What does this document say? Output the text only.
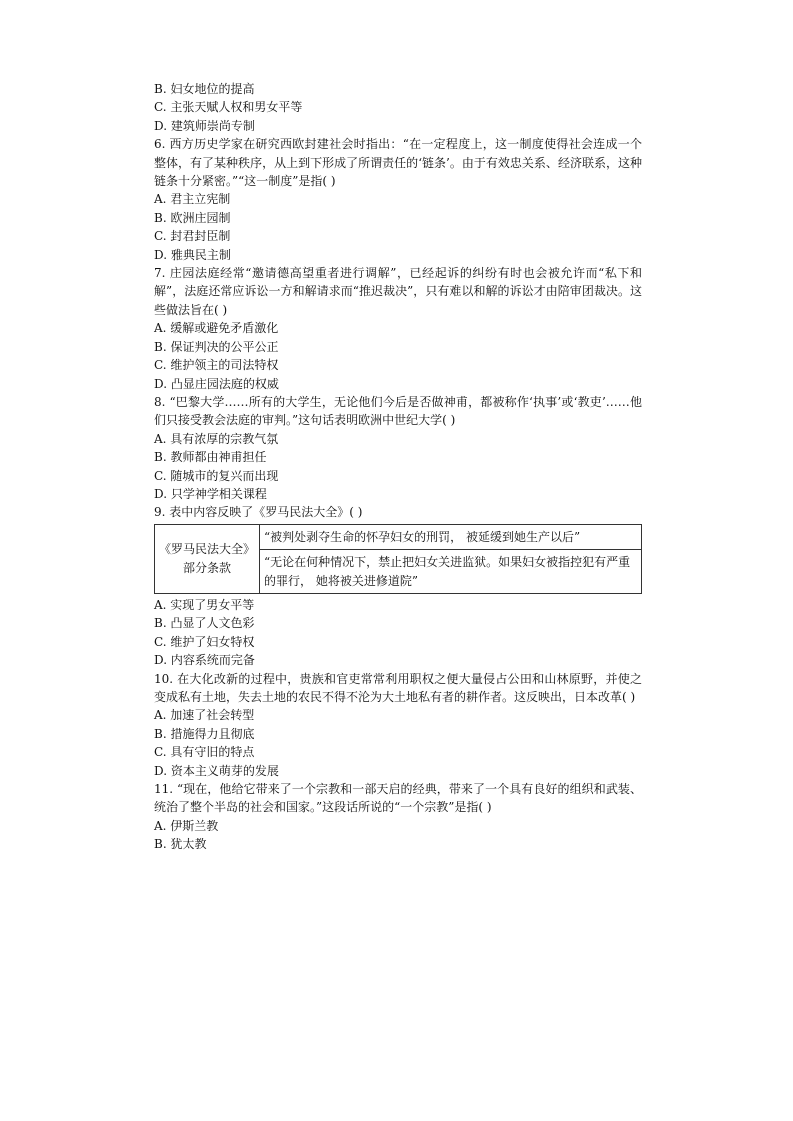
B. 妇女地位的提高
C. 主张天赋人权和男女平等
D. 建筑师崇尚专制
6. 西方历史学家在研究西欧封建社会时指出：“在一定程度上，这一制度使得社会连成一个整体，有了某种秩序，从上到下形成了所谓责任的‘链条’。由于有效忠关系、经济联系，这种链条十分紧密。”“这一制度”是指( )
A. 君主立宪制
B. 欧洲庄园制
C. 封君封臣制
D. 雅典民主制
7. 庄园法庭经常“邀请德高望重者进行调解”，已经起诉的纠纷有时也会被允许而“私下和解”，法庭还常应诉讼一方和解请求而“推迟裁决”，只有难以和解的诉讼才由陪审团裁决。这些做法旨在( )
A. 缓解或避免矛盾激化
B. 保证判决的公平公正
C. 维护领主的司法特权
D. 凸显庄园法庭的权威
8. “巴黎大学……所有的大学生，无论他们今后是否做神甫，都被称作‘执事’或‘教吏’……他们只接受教会法庭的审判。”这句话表明欧洲中世纪大学( )
A. 具有浓厚的宗教气氛
B. 教师都由神甫担任
C. 随城市的复兴而出现
D. 只学神学相关课程
9. 表中内容反映了《罗马民法大全》( )
《罗马民法大全》部分条款	“被判处剥夺生命的怀孕妇女的刑罚， 被延缓到她生产以后”
“无论在何种情况下，禁止把妇女关进监狱。如果妇女被指控犯有严重的罪行， 她将被关进修道院”
A. 实现了男女平等
B. 凸显了人文色彩
C. 维护了妇女特权
D. 内容系统而完备
10. 在大化改新的过程中，贵族和官吏常常利用职权之便大量侵占公田和山林原野，并使之变成私有土地，失去土地的农民不得不沦为大土地私有者的耕作者。这反映出，日本改革( )
A. 加速了社会转型
B. 措施得力且彻底
C. 具有守旧的特点
D. 资本主义萌芽的发展
11. “现在，他给它带来了一个宗教和一部天启的经典，带来了一个具有良好的组织和武装、统治了整个半岛的社会和国家。”这段话所说的“一个宗教”是指( )
A. 伊斯兰教
B. 犹太教
